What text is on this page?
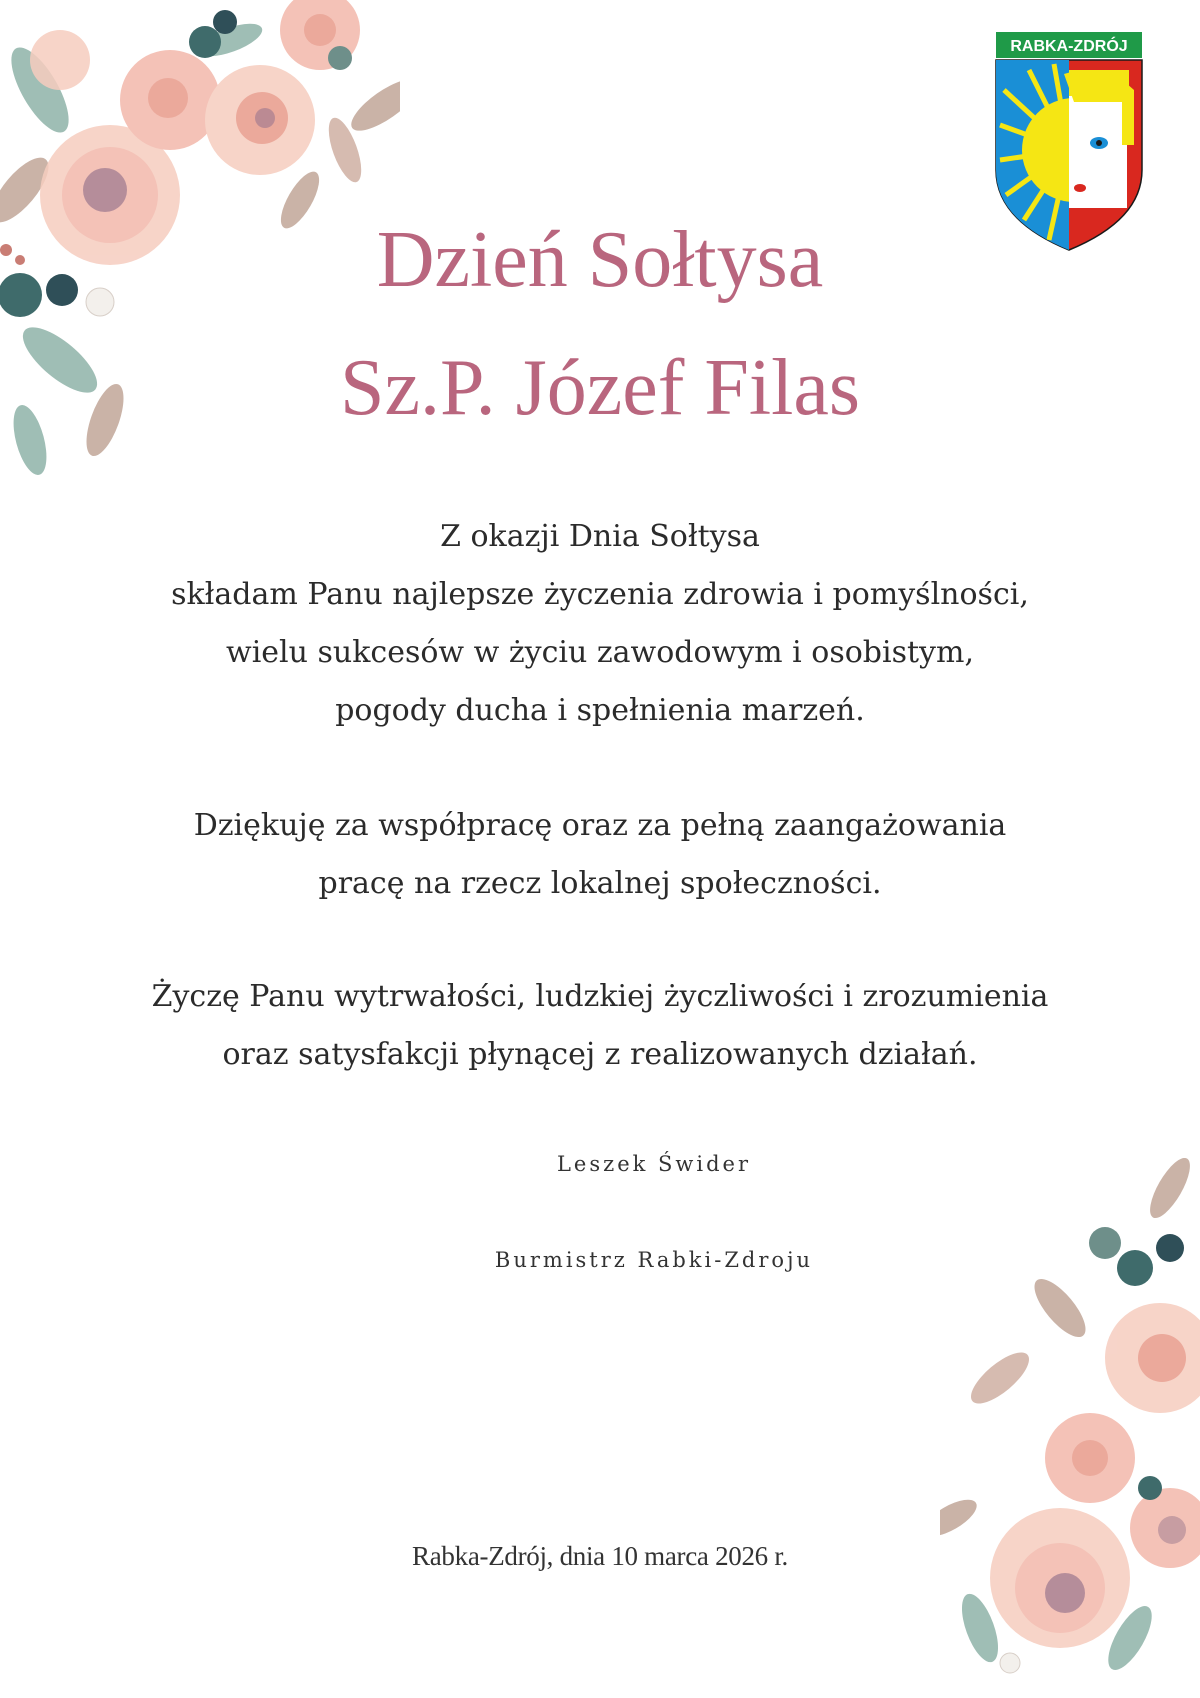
RABKA-ZDRÓJ
Dzień Sołtysa
Sz.P. Józef Filas

Z okazji Dnia Sołtysa
składam Panu najlepsze życzenia zdrowia i pomyślności,
wielu sukcesów w życiu zawodowym i osobistym,
pogody ducha i spełnienia marzeń.

Dziękuję za współpracę oraz za pełną zaangażowania
pracę na rzecz lokalnej społeczności.

Życzę Panu wytrwałości, ludzkiej życzliwości i zrozumienia
oraz satysfakcji płynącej z realizowanych działań.

Leszek Świder

Burmistrz Rabki-Zdroju

Rabka-Zdrój, dnia 10 marca 2026 r.
